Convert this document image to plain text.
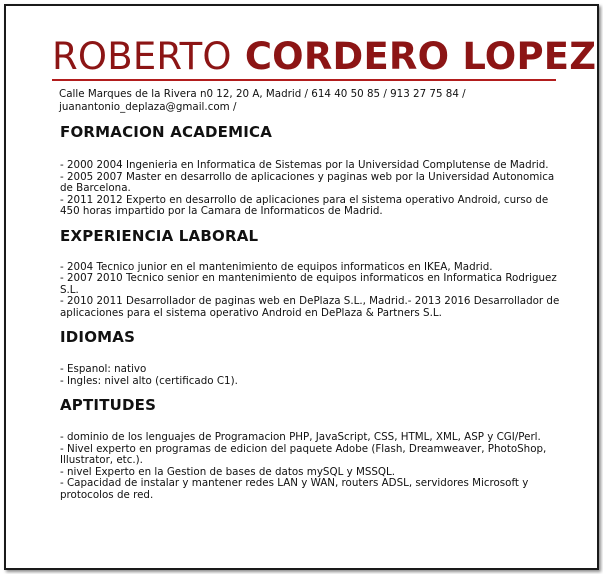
ROBERTO CORDERO LOPEZ
Calle Marques de la Rivera n0 12, 20 A, Madrid / 614 40 50 85 / 913 27 75 84 /
juanantonio_deplaza@gmail.com /
FORMACION ACADEMICA
- 2000 2004 Ingenieria en Informatica de Sistemas por la Universidad Complutense de Madrid.
- 2005 2007 Master en desarrollo de aplicaciones y paginas web por la Universidad Autonomica de Barcelona.
- 2011 2012 Experto en desarrollo de aplicaciones para el sistema operativo Android, curso de 450 horas impartido por la Camara de Informaticos de Madrid.
EXPERIENCIA LABORAL
- 2004 Tecnico junior en el mantenimiento de equipos informaticos en IKEA, Madrid.
- 2007 2010 Tecnico senior en mantenimiento de equipos informaticos en Informatica Rodriguez S.L.
- 2010 2011 Desarrollador de paginas web en DePlaza S.L., Madrid.- 2013 2016 Desarrollador de aplicaciones para el sistema operativo Android en DePlaza & Partners S.L.
IDIOMAS
- Espanol: nativo
- Ingles: nivel alto (certificado C1).
APTITUDES
- dominio de los lenguajes de Programacion PHP, JavaScript, CSS, HTML, XML, ASP y CGI/Perl.
- Nivel experto en programas de edicion del paquete Adobe (Flash, Dreamweaver, PhotoShop, Illustrator, etc.).
- nivel Experto en la Gestion de bases de datos mySQL y MSSQL.
- Capacidad de instalar y mantener redes LAN y WAN, routers ADSL, servidores Microsoft y protocolos de red.
